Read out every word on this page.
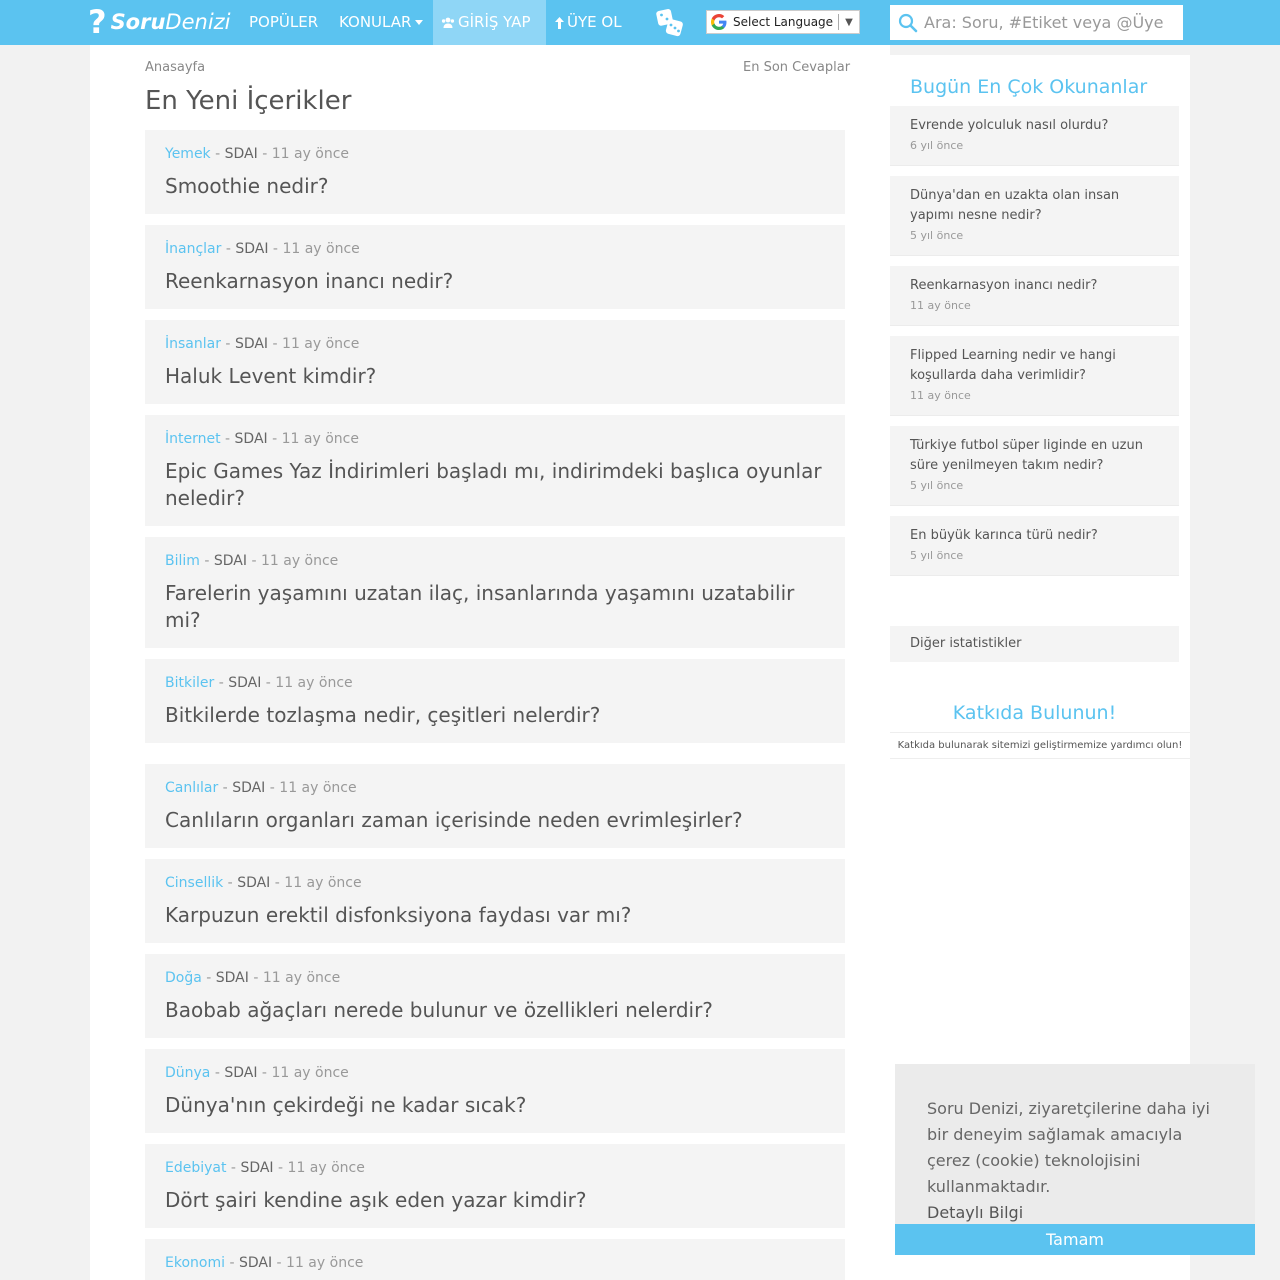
? Soru Denizi	POPÜLER	KONULAR	GİRİŞ YAP	ÜYE OL	Select Language ▼
Ara: Soru, #Etiket veya @Üye
Anasayfa	En Son Cevaplar
En Yeni İçerikler
Yemek - SDAI - 11 ay önce
Smoothie nedir?
İnançlar - SDAI - 11 ay önce
Reenkarnasyon inancı nedir?
İnsanlar - SDAI - 11 ay önce
Haluk Levent kimdir?
İnternet - SDAI - 11 ay önce
Epic Games Yaz İndirimleri başladı mı, indirimdeki başlıca oyunlar neledir?
Bilim - SDAI - 11 ay önce
Farelerin yaşamını uzatan ilaç, insanlarında yaşamını uzatabilir mi?
Bitkiler - SDAI - 11 ay önce
Bitkilerde tozlaşma nedir, çeşitleri nelerdir?
Canlılar - SDAI - 11 ay önce
Canlıların organları zaman içerisinde neden evrimleşirler?
Cinsellik - SDAI - 11 ay önce
Karpuzun erektil disfonksiyona faydası var mı?
Doğa - SDAI - 11 ay önce
Baobab ağaçları nerede bulunur ve özellikleri nelerdir?
Dünya - SDAI - 11 ay önce
Dünya'nın çekirdeği ne kadar sıcak?
Edebiyat - SDAI - 11 ay önce
Dört şairi kendine aşık eden yazar kimdir?
Ekonomi - SDAI - 11 ay önce
Bugün En Çok Okunanlar
Evrende yolculuk nasıl olurdu?
6 yıl önce
Dünya'dan en uzakta olan insan yapımı nesne nedir?
5 yıl önce
Reenkarnasyon inancı nedir?
11 ay önce
Flipped Learning nedir ve hangi koşullarda daha verimlidir?
11 ay önce
Türkiye futbol süper liginde en uzun süre yenilmeyen takım nedir?
5 yıl önce
En büyük karınca türü nedir?
5 yıl önce
Diğer istatistikler
Katkıda Bulunun!
Katkıda bulunarak sitemizi geliştirmemize yardımcı olun!

Soru Denizi, ziyaretçilerine daha iyi bir deneyim sağlamak amacıyla çerez (cookie) teknolojisini kullanmaktadır.

Detaylı Bilgi
Tamam
